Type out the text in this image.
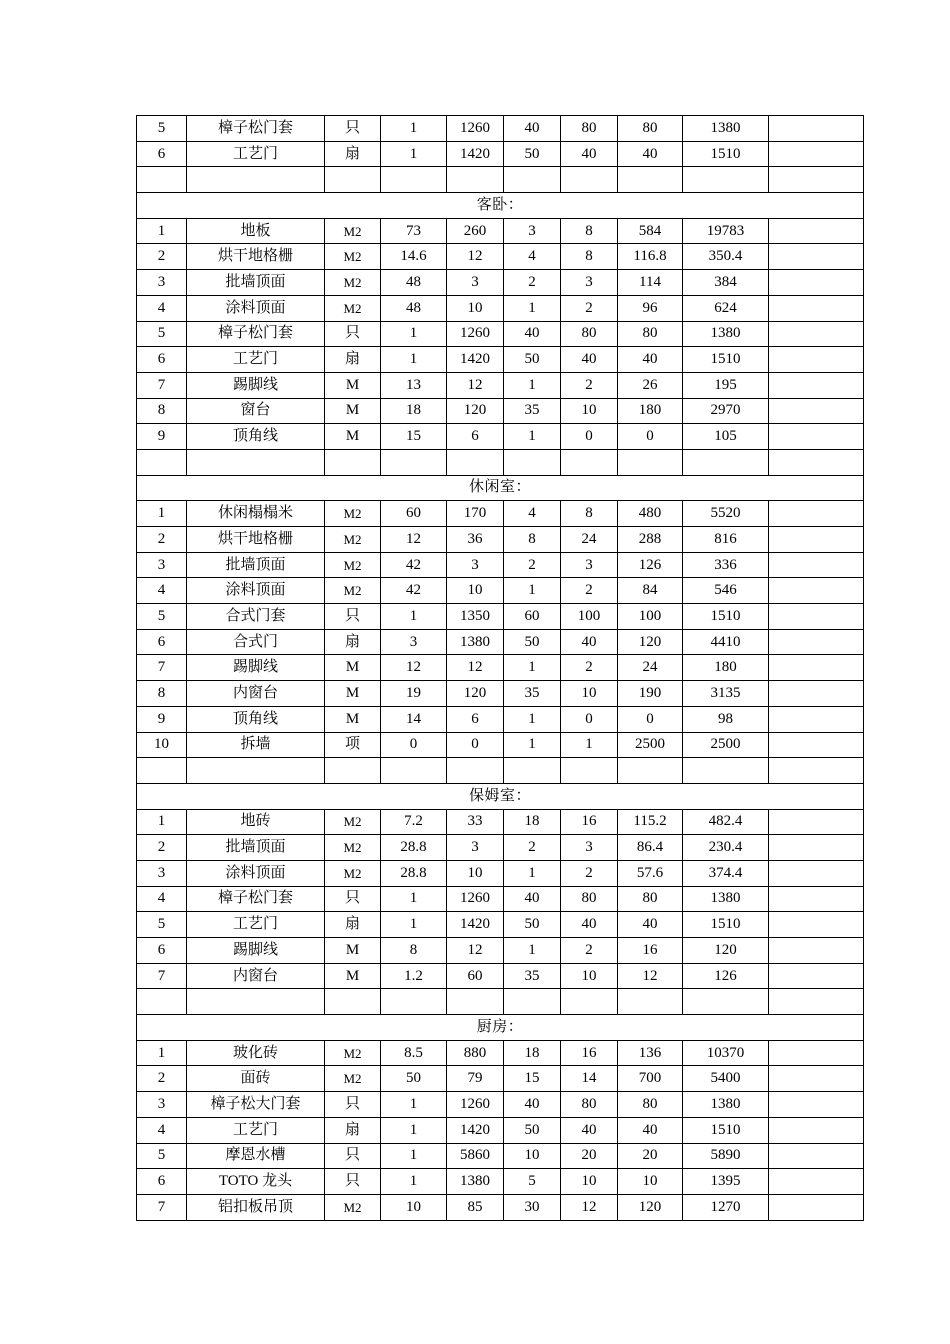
5	樟子松门套	只	1	1260	40	80	80	1380	
6	工艺门	扇	1	1420	50	40	40	1510	

客卧：									
1	地板	M2	73	260	3	8	584	19783	
2	烘干地格栅	M2	14.6	12	4	8	116.8	350.4	
3	批墙顶面	M2	48	3	2	3	114	384	
4	涂料顶面	M2	48	10	1	2	96	624	
5	樟子松门套	只	1	1260	40	80	80	1380	
6	工艺门	扇	1	1420	50	40	40	1510	
7	踢脚线	M	13	12	1	2	26	195	
8	窗台	M	18	120	35	10	180	2970	
9	顶角线	M	15	6	1	0	0	105	

休闲室：									
1	休闲榻榻米	M2	60	170	4	8	480	5520	
2	烘干地格栅	M2	12	36	8	24	288	816	
3	批墙顶面	M2	42	3	2	3	126	336	
4	涂料顶面	M2	42	10	1	2	84	546	
5	合式门套	只	1	1350	60	100	100	1510	
6	合式门	扇	3	1380	50	40	120	4410	
7	踢脚线	M	12	12	1	2	24	180	
8	内窗台	M	19	120	35	10	190	3135	
9	顶角线	M	14	6	1	0	0	98	
10	拆墙	项	0	0	1	1	2500	2500	

保姆室：									
1	地砖	M2	7.2	33	18	16	115.2	482.4	
2	批墙顶面	M2	28.8	3	2	3	86.4	230.4	
3	涂料顶面	M2	28.8	10	1	2	57.6	374.4	
4	樟子松门套	只	1	1260	40	80	80	1380	
5	工艺门	扇	1	1420	50	40	40	1510	
6	踢脚线	M	8	12	1	2	16	120	
7	内窗台	M	1.2	60	35	10	12	126	

厨房：									
1	玻化砖	M2	8.5	880	18	16	136	10370	
2	面砖	M2	50	79	15	14	700	5400	
3	樟子松大门套	只	1	1260	40	80	80	1380	
4	工艺门	扇	1	1420	50	40	40	1510	
5	摩恩水槽	只	1	5860	10	20	20	5890	
6	TOTO 龙头	只	1	1380	5	10	10	1395	
7	铝扣板吊顶	M2	10	85	30	12	120	1270	
